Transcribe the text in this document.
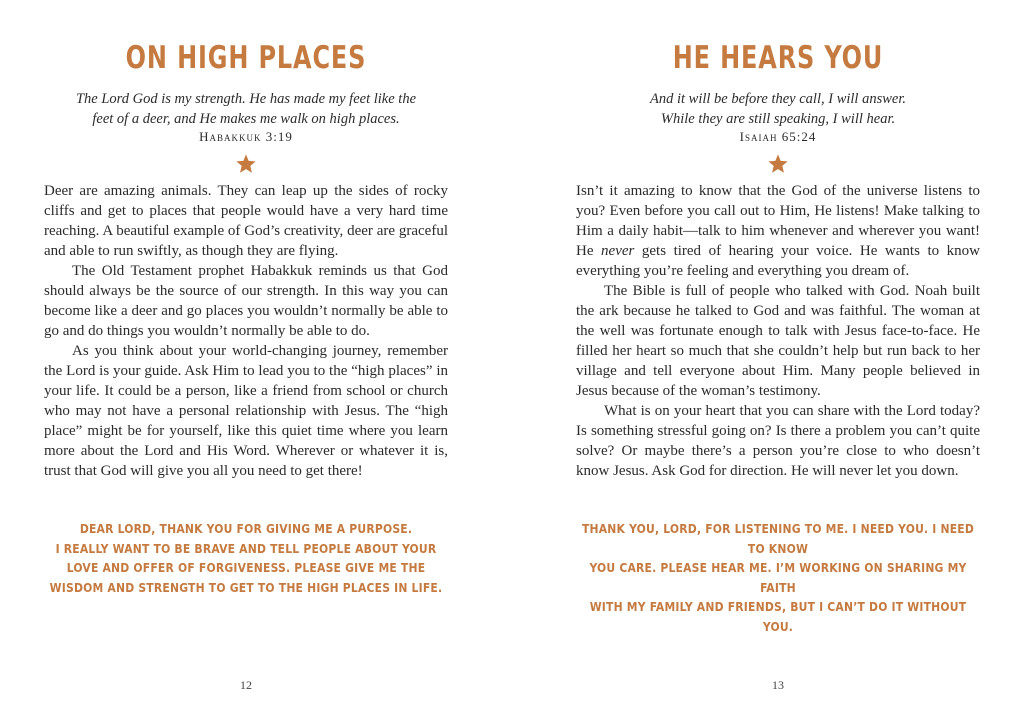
ON HIGH PLACES

The Lord God is my strength. He has made my feet like the

feet of a deer, and He makes me walk on high places.

Habakkuk 3:19

Deer are amazing animals. They can leap up the sides of rocky cliffs and get to places that people would have a very hard time reaching. A beautiful example of God’s creativity, deer are graceful and able to run swiftly, as though they are flying.

The Old Testament prophet Habakkuk reminds us that God should always be the source of our strength. In this way you can become like a deer and go places you wouldn’t normally be able to go and do things you wouldn’t normally be able to do.

As you think about your world-changing journey, remember the Lord is your guide. Ask Him to lead you to the “high places” in your life. It could be a person, like a friend from school or church who may not have a personal relationship with Jesus. The “high place” might be for yourself, like this quiet time where you learn more about the Lord and His Word. Wherever or whatever it is, trust that God will give you all you need to get there!

DEAR LORD, THANK YOU FOR GIVING ME A PURPOSE.

I REALLY WANT TO BE BRAVE AND TELL PEOPLE ABOUT YOUR

LOVE AND OFFER OF FORGIVENESS. PLEASE GIVE ME THE

WISDOM AND STRENGTH TO GET TO THE HIGH PLACES IN LIFE.

12
HE HEARS YOU

And it will be before they call, I will answer.

While they are still speaking, I will hear.

Isaiah 65:24

Isn’t it amazing to know that the God of the universe listens to you? Even before you call out to Him, He listens! Make talking to Him a daily habit—talk to him whenever and wherever you want! He never gets tired of hearing your voice. He wants to know everything you’re feeling and everything you dream of.

The Bible is full of people who talked with God. Noah built the ark because he talked to God and was faithful. The woman at the well was fortunate enough to talk with Jesus face-to-face. He filled her heart so much that she couldn’t help but run back to her village and tell everyone about Him. Many people believed in Jesus because of the woman’s testimony.

What is on your heart that you can share with the Lord today? Is something stressful going on? Is there a problem you can’t quite solve? Or maybe there’s a person you’re close to who doesn’t know Jesus. Ask God for direction. He will never let you down.

THANK YOU, LORD, FOR LISTENING TO ME. I NEED YOU. I NEED TO KNOW

YOU CARE. PLEASE HEAR ME. I’M WORKING ON SHARING MY FAITH

WITH MY FAMILY AND FRIENDS, BUT I CAN’T DO IT WITHOUT YOU.

13
